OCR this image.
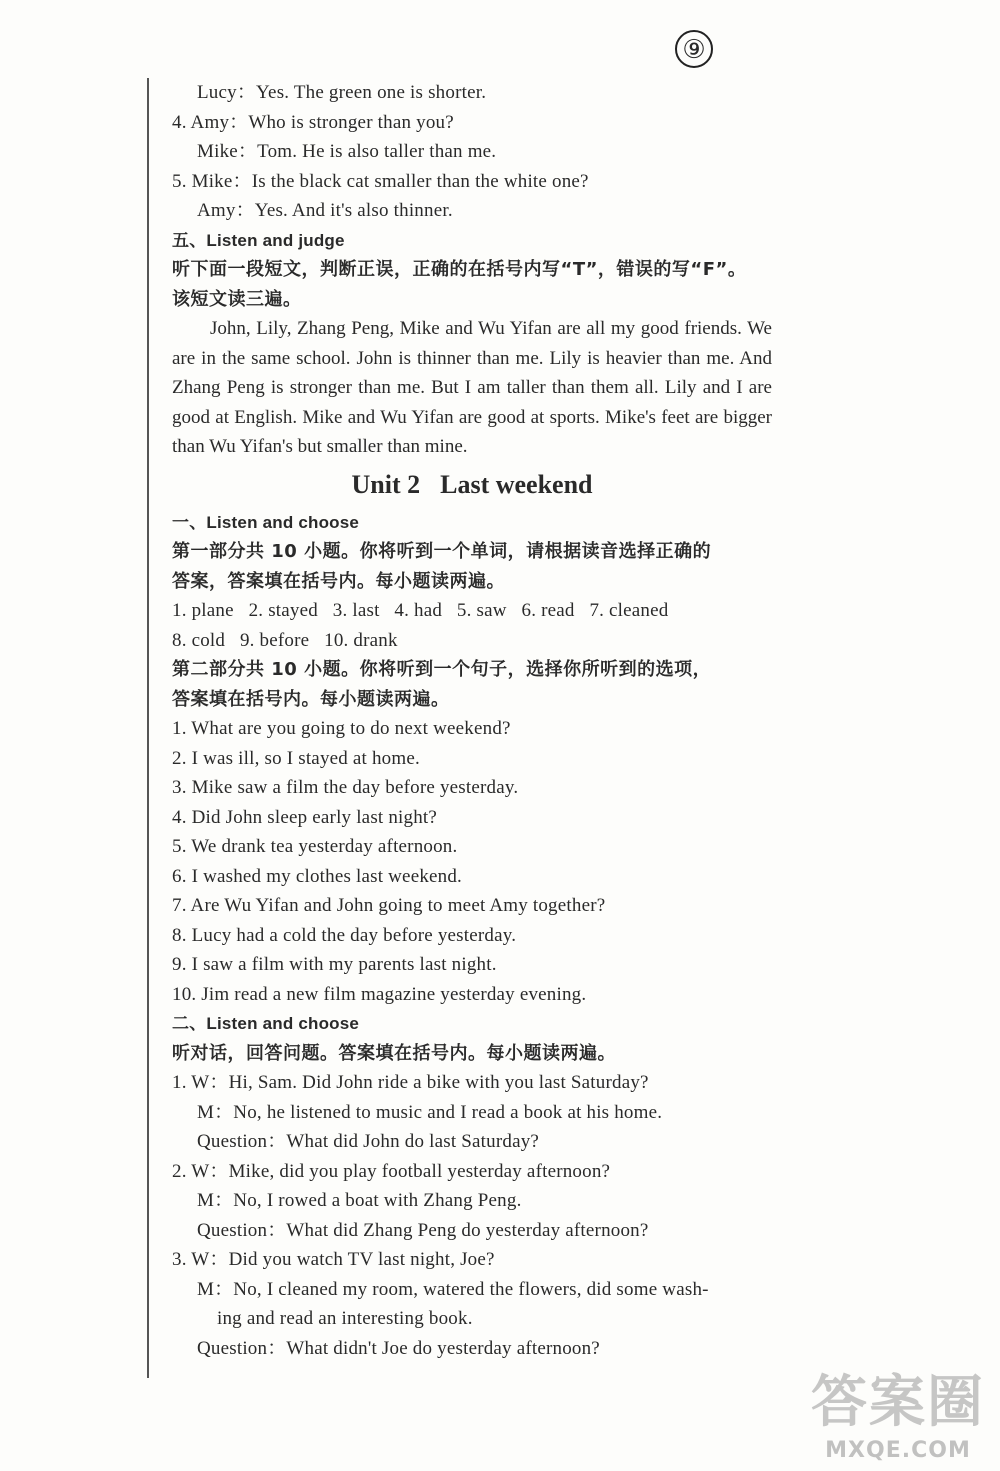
⑨
Lucy：Yes. The green one is shorter.
4. Amy：Who is stronger than you?
Mike：Tom. He is also taller than me.
5. Mike：Is the black cat smaller than the white one?
Amy：Yes. And it's also thinner.
五、Listen and judge
听下面一段短文，判断正误，正确的在括号内写“T”，错误的写“F”。
该短文读三遍。

John, Lily, Zhang Peng, Mike and Wu Yifan are all my good friends. We are in the same school. John is thinner than me. Lily is heavier than me. And Zhang Peng is stronger than me. But I am taller than them all. Lily and I are good at English. Mike and Wu Yifan are good at sports. Mike's feet are bigger than Wu Yifan's but smaller than mine.

Unit 2 Last weekend
一、Listen and choose
第一部分共 10 小题。你将听到一个单词，请根据读音选择正确的
答案，答案填在括号内。每小题读两遍。
1. plane   2. stayed   3. last   4. had   5. saw   6. read   7. cleaned
8. cold   9. before   10. drank
第二部分共 10 小题。你将听到一个句子，选择你所听到的选项，
答案填在括号内。每小题读两遍。
1. What are you going to do next weekend?
2. I was ill, so I stayed at home.
3. Mike saw a film the day before yesterday.
4. Did John sleep early last night?
5. We drank tea yesterday afternoon.
6. I washed my clothes last weekend.
7. Are Wu Yifan and John going to meet Amy together?
8. Lucy had a cold the day before yesterday.
9. I saw a film with my parents last night.
10. Jim read a new film magazine yesterday evening.
二、Listen and choose
听对话，回答问题。答案填在括号内。每小题读两遍。
1. W：Hi, Sam. Did John ride a bike with you last Saturday?
M：No, he listened to music and I read a book at his home.
Question：What did John do last Saturday?
2. W：Mike, did you play football yesterday afternoon?
M：No, I rowed a boat with Zhang Peng.
Question：What did Zhang Peng do yesterday afternoon?
3. W：Did you watch TV last night, Joe?
M：No, I cleaned my room, watered the flowers, did some wash-
ing and read an interesting book.
Question：What didn't Joe do yesterday afternoon?
答案圈
MXQE.COM
